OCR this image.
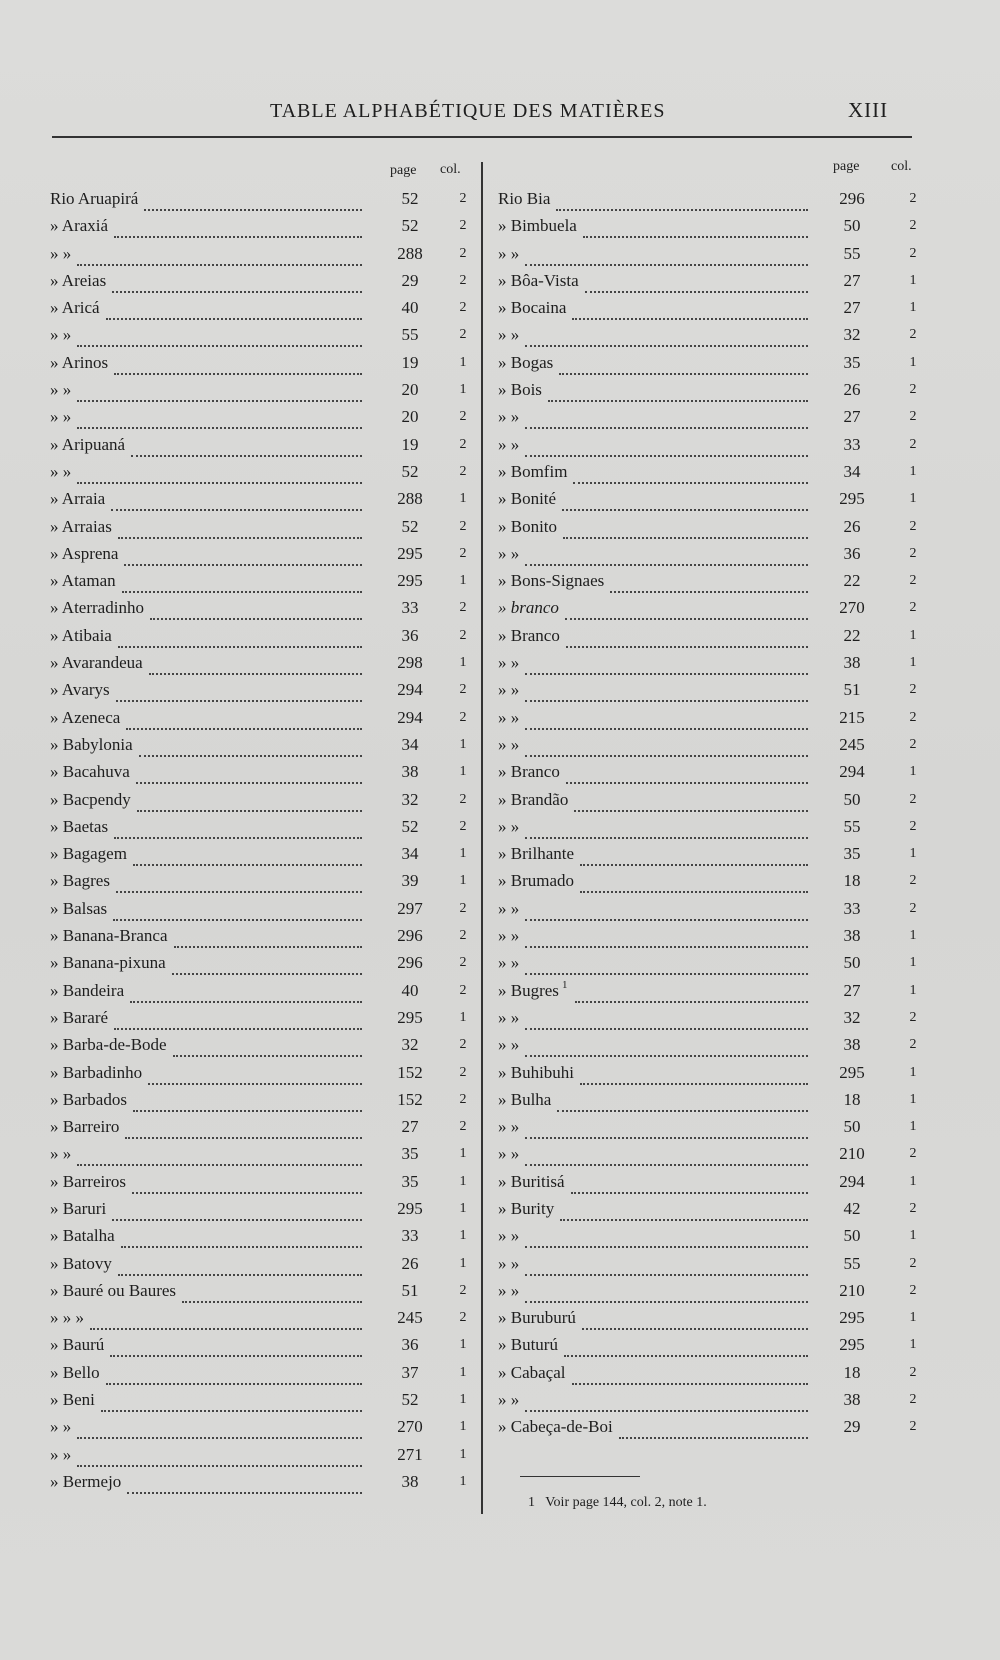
TABLE ALPHABÉTIQUE DES MATIÈRES	XIII
page col.	page col.
Rio Aruapirá	52	2
» Araxiá	52	2
» »	288	2
» Areias	29	2
» Aricá	40	2
» »	55	2
» Arinos	19	1
» »	20	1
» »	20	2
» Aripuaná	19	2
» »	52	2
» Arraia	288	1
» Arraias	52	2
» Asprena	295	2
» Ataman	295	1
» Aterradinho	33	2
» Atibaia	36	2
» Avarandeua	298	1
» Avarys	294	2
» Azeneca	294	2
» Babylonia	34	1
» Bacahuva	38	1
» Bacpendy	32	2
» Baetas	52	2
» Bagagem	34	1
» Bagres	39	1
» Balsas	297	2
» Banana-Branca	296	2
» Banana-pixuna	296	2
» Bandeira	40	2
» Bararé	295	1
» Barba-de-Bode	32	2
» Barbadinho	152	2
» Barbados	152	2
» Barreiro	27	2
» »	35	1
» Barreiros	35	1
» Baruri	295	1
» Batalha	33	1
» Batovy	26	1
» Bauré ou Baures	51	2
» » »	245	2
» Baurú	36	1
» Bello	37	1
» Beni	52	1
» »	270	1
» »	271	1
» Bermejo	38	1
Rio Bia	296	2
» Bimbuela	50	2
» »	55	2
» Bôa-Vista	27	1
» Bocaina	27	1
» »	32	2
» Bogas	35	1
» Bois	26	2
» »	27	2
» »	33	2
» Bomfim	34	1
» Bonité	295	1
» Bonito	26	2
» »	36	2
» Bons-Signaes	22	2
» branco	270	2
» Branco	22	1
» »	38	1
» »	51	2
» »	215	2
» »	245	2
» Branco	294	1
» Brandão	50	2
» »	55	2
» Brilhante	35	1
» Brumado	18	2
» »	33	2
» »	38	1
» »	50	1
» Bugres 1	27	1
» »	32	2
» »	38	2
» Buhibuhi	295	1
» Bulha	18	1
» »	50	1
» »	210	2
» Buritisá	294	1
» Burity	42	2
» »	50	1
» »	55	2
» »	210	2
» Buruburú	295	1
» Buturú	295	1
» Cabaçal	18	2
» »	38	2
» Cabeça-de-Boi	29	2
1 Voir page 144, col. 2, note 1.
